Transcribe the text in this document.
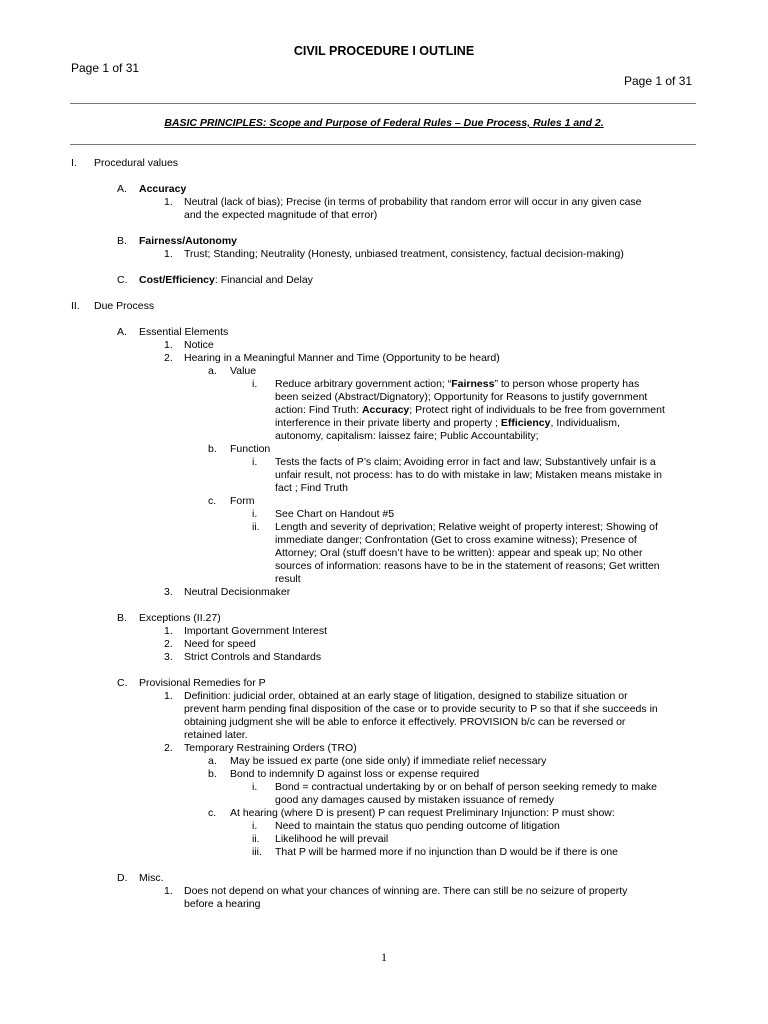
CIVIL PROCEDURE I OUTLINE
Page 1 of 31
Page 1 of 31
BASIC PRINCIPLES: Scope and Purpose of Federal Rules – Due Process, Rules 1 and 2.
I. Procedural values
A. Accuracy
1. Neutral (lack of bias); Precise (in terms of probability that random error will occur in any given case
and the expected magnitude of that error)
B. Fairness/Autonomy
1. Trust; Standing; Neutrality (Honesty, unbiased treatment, consistency, factual decision-making)
C. Cost/Efficiency: Financial and Delay
II. Due Process
A. Essential Elements
1. Notice
2. Hearing in a Meaningful Manner and Time (Opportunity to be heard)
a. Value
i. Reduce arbitrary government action; “Fairness” to person whose property has
been seized (Abstract/Dignatory); Opportunity for Reasons to justify government
action: Find Truth: Accuracy; Protect right of individuals to be free from government
interference in their private liberty and property ; Efficiency, Individualism,
autonomy, capitalism: laissez faire; Public Accountability;
b. Function
i. Tests the facts of P’s claim; Avoiding error in fact and law; Substantively unfair is a
unfair result, not process: has to do with mistake in law; Mistaken means mistake in
fact ; Find Truth
c. Form
i. See Chart on Handout #5
ii. Length and severity of deprivation; Relative weight of property interest; Showing of
immediate danger; Confrontation (Get to cross examine witness); Presence of
Attorney; Oral (stuff doesn’t have to be written): appear and speak up; No other
sources of information: reasons have to be in the statement of reasons; Get written
result
3. Neutral Decisionmaker
B. Exceptions (II.27)
1. Important Government Interest
2. Need for speed
3. Strict Controls and Standards
C. Provisional Remedies for P
1. Definition: judicial order, obtained at an early stage of litigation, designed to stabilize situation or
prevent harm pending final disposition of the case or to provide security to P so that if she succeeds in
obtaining judgment she will be able to enforce it effectively. PROVISION b/c can be reversed or
retained later.
2. Temporary Restraining Orders (TRO)
a. May be issued ex parte (one side only) if immediate relief necessary
b. Bond to indemnify D against loss or expense required
i. Bond = contractual undertaking by or on behalf of person seeking remedy to make
good any damages caused by mistaken issuance of remedy
c. At hearing (where D is present) P can request Preliminary Injunction: P must show:
i. Need to maintain the status quo pending outcome of litigation
ii. Likelihood he will prevail
iii. That P will be harmed more if no injunction than D would be if there is one
D. Misc.
1. Does not depend on what your chances of winning are. There can still be no seizure of property
before a hearing
1
